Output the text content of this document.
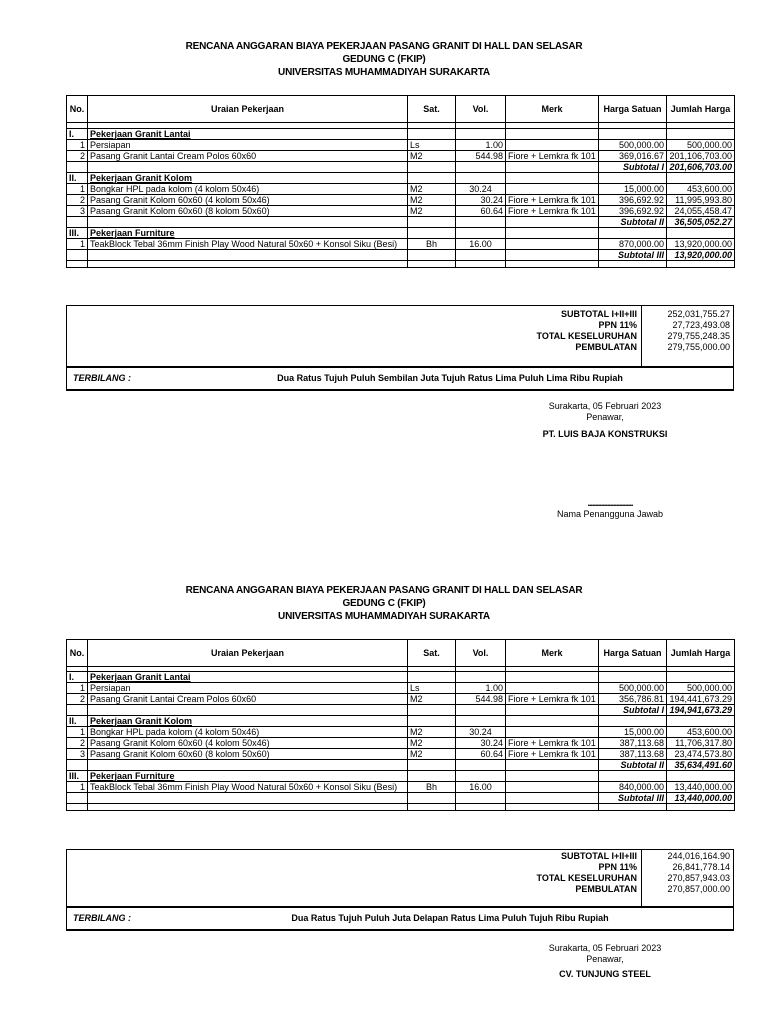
RENCANA ANGGARAN BIAYA PEKERJAAN PASANG GRANIT DI HALL DAN SELASAR
GEDUNG C (FKIP)
UNIVERSITAS MUHAMMADIYAH SURAKARTA
No.	Uraian Pekerjaan	Sat.	Vol.	Merk	Harga Satuan	Jumlah Harga

I.	Pekerjaan Granit Lantai					
1	Persiapan	Ls	1.00		500,000.00	500,000.00
2	Pasang Granit Lantai Cream Polos 60x60	M2	544.98	Fiore + Lemkra fk 101	369,016.67	201,106,703.00
					Subtotal I	201,606,703.00
II.	Pekerjaan Granit Kolom					
1	Bongkar HPL pada kolom (4 kolom 50x46)	M2	30.24		15,000.00	453,600.00
2	Pasang Granit Kolom 60x60 (4 kolom 50x46)	M2	30.24	Fiore + Lemkra fk 101	396,692.92	11,995,993.80
3	Pasang Granit Kolom 60x60 (8 kolom 50x60)	M2	60.64	Fiore + Lemkra fk 101	396,692.92	24,055,458.47
					Subtotal II	36,505,052.27
III.	Pekerjaan Furniture					
1	TeakBlock Tebal 36mm Finish Play Wood Natural 50x60 + Konsol Siku (Besi)	Bh	16.00		870,000.00	13,920,000.00
					Subtotal III	13,920,000.00

SUBTOTAL I+II+III	252,031,755.27
PPN 11%	27,723,493.08
TOTAL KESELURUHAN	279,755,248.35
PEMBULATAN	279,755,000.00
TERBILANG :	Dua Ratus Tujuh Puluh Sembilan Juta Tujuh Ratus Lima Puluh Lima Ribu Rupiah
Surakarta, 05 Februari 2023
Penawar,
PT. LUIS BAJA KONSTRUKSI
..............................
Nama Penangguna Jawab
RENCANA ANGGARAN BIAYA PEKERJAAN PASANG GRANIT DI HALL DAN SELASAR
GEDUNG C (FKIP)
UNIVERSITAS MUHAMMADIYAH SURAKARTA
No.	Uraian Pekerjaan	Sat.	Vol.	Merk	Harga Satuan	Jumlah Harga

I.	Pekerjaan Granit Lantai					
1	Persiapan	Ls	1.00		500,000.00	500,000.00
2	Pasang Granit Lantai Cream Polos 60x60	M2	544.98	Fiore + Lemkra fk 101	356,786.81	194,441,673.29
					Subtotal I	194,941,673.29
II.	Pekerjaan Granit Kolom					
1	Bongkar HPL pada kolom (4 kolom 50x46)	M2	30.24		15,000.00	453,600.00
2	Pasang Granit Kolom 60x60 (4 kolom 50x46)	M2	30.24	Fiore + Lemkra fk 101	387,113.68	11,706,317.80
3	Pasang Granit Kolom 60x60 (8 kolom 50x60)	M2	60.64	Fiore + Lemkra fk 101	387,113.68	23,474,573.80
					Subtotal II	35,634,491.60
III.	Pekerjaan Furniture					
1	TeakBlock Tebal 36mm Finish Play Wood Natural 50x60 + Konsol Siku (Besi)	Bh	16.00		840,000.00	13,440,000.00
					Subtotal III	13,440,000.00

SUBTOTAL I+II+III	244,016,164.90
PPN 11%	26,841,778.14
TOTAL KESELURUHAN	270,857,943.03
PEMBULATAN	270,857,000.00
TERBILANG :	Dua Ratus Tujuh Puluh Juta Delapan Ratus Lima Puluh Tujuh Ribu Rupiah
Surakarta, 05 Februari 2023
Penawar,
CV. TUNJUNG STEEL
